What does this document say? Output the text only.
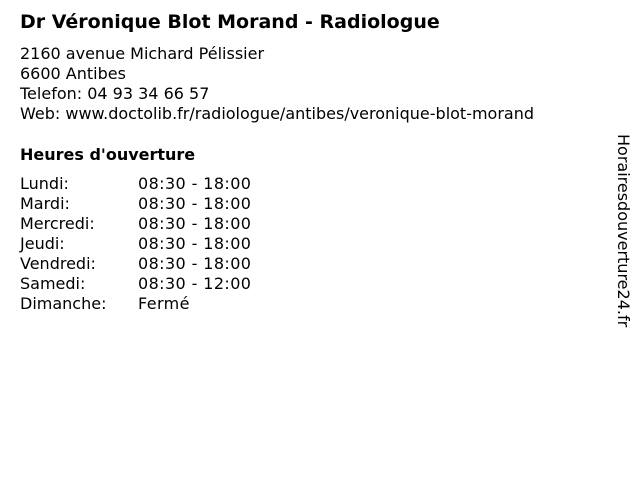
Dr Véronique Blot Morand - Radiologue
2160 avenue Michard Pélissier
6600 Antibes
Telefon: 04 93 34 66 57
Web: www.doctolib.fr/radiologue/antibes/veronique-blot-morand
Heures d'ouverture
Lundi:	08:30 - 18:00
Mardi:	08:30 - 18:00
Mercredi:	08:30 - 18:00
Jeudi:	08:30 - 18:00
Vendredi:	08:30 - 18:00
Samedi:	08:30 - 12:00
Dimanche:	Fermé	Horairesdouverture24.fr
